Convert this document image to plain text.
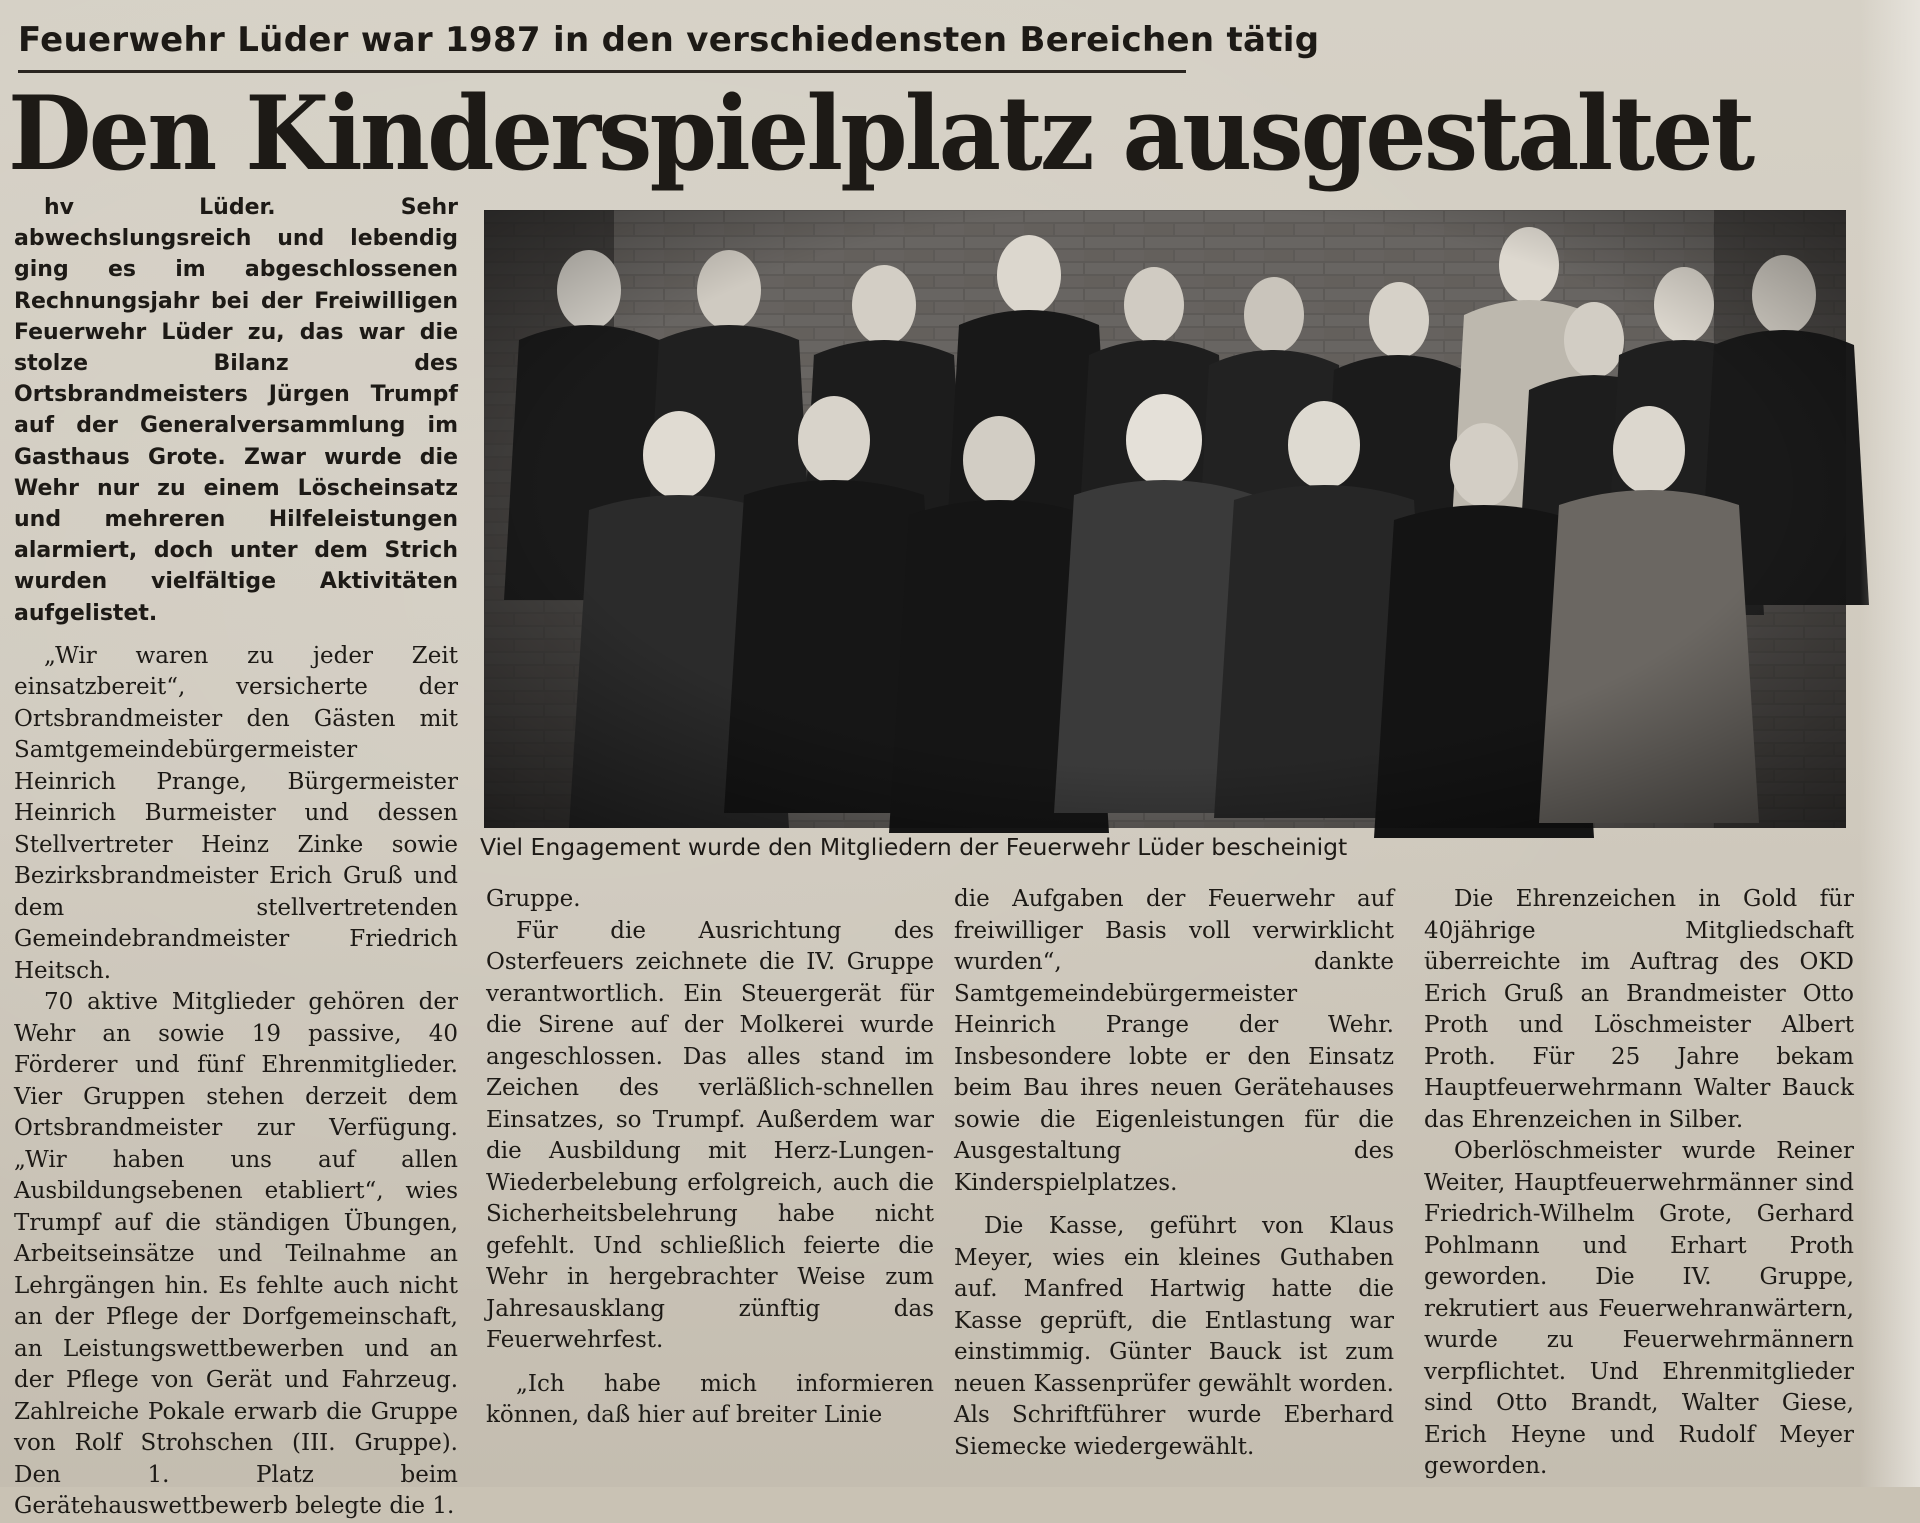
Feuerwehr Lüder war 1987 in den verschiedensten Bereichen tätig
Den Kinderspielplatz ausgestaltet

hv Lüder. Sehr abwechslungsreich und lebendig ging es im abgeschlossenen Rechnungsjahr bei der Freiwilligen Feuerwehr Lüder zu, das war die stolze Bilanz des Ortsbrandmeisters Jürgen Trumpf auf der Generalversammlung im Gasthaus Grote. Zwar wurde die Wehr nur zu einem Löscheinsatz und mehreren Hilfeleistungen alarmiert, doch unter dem Strich wurden vielfältige Aktivitäten aufgelistet.

„Wir waren zu jeder Zeit einsatzbereit“, versicherte der Ortsbrandmeister den Gästen mit Samtgemeindebürgermeister Heinrich Prange, Bürgermeister Heinrich Burmeister und dessen Stellvertreter Heinz Zinke sowie Bezirksbrandmeister Erich Gruß und dem stellvertretenden Gemeindebrandmeister Friedrich Heitsch.

70 aktive Mitglieder gehören der Wehr an sowie 19 passive, 40 Förderer und fünf Ehrenmitglieder. Vier Gruppen stehen derzeit dem Ortsbrandmeister zur Verfügung. „Wir haben uns auf allen Ausbildungsebenen etabliert“, wies Trumpf auf die ständigen Übungen, Arbeitseinsätze und Teilnahme an Lehrgängen hin. Es fehlte auch nicht an der Pflege der Dorfgemeinschaft, an Leistungswettbewerben und an der Pflege von Gerät und Fahrzeug. Zahlreiche Pokale erwarb die Gruppe von Rolf Strohschen (III. Gruppe). Den 1. Platz beim Gerätehauswettbewerb belegte die 1.

Viel Engagement wurde den Mitgliedern der Feuerwehr Lüder bescheinigt

Gruppe.

Für die Ausrichtung des Osterfeuers zeichnete die IV. Gruppe verantwortlich. Ein Steuergerät für die Sirene auf der Molkerei wurde angeschlossen. Das alles stand im Zeichen des verläßlich-schnellen Einsatzes, so Trumpf. Außerdem war die Ausbildung mit Herz-Lungen-Wiederbelebung erfolgreich, auch die Sicherheitsbelehrung habe nicht gefehlt. Und schließlich feierte die Wehr in hergebrachter Weise zum Jahresausklang zünftig das Feuerwehrfest.

„Ich habe mich informieren können, daß hier auf breiter Linie

die Aufgaben der Feuerwehr auf freiwilliger Basis voll verwirklicht wurden“, dankte Samtgemeindebürgermeister Heinrich Prange der Wehr. Insbesondere lobte er den Einsatz beim Bau ihres neuen Gerätehauses sowie die Eigenleistungen für die Ausgestaltung des Kinderspielplatzes.

Die Kasse, geführt von Klaus Meyer, wies ein kleines Guthaben auf. Manfred Hartwig hatte die Kasse geprüft, die Entlastung war einstimmig. Günter Bauck ist zum neuen Kassenprüfer gewählt worden. Als Schriftführer wurde Eberhard Siemecke wiedergewählt.

Die Ehrenzeichen in Gold für 40jährige Mitgliedschaft überreichte im Auftrag des OKD Erich Gruß an Brandmeister Otto Proth und Löschmeister Albert Proth. Für 25 Jahre bekam Hauptfeuerwehrmann Walter Bauck das Ehrenzeichen in Silber.

Oberlöschmeister wurde Reiner Weiter, Hauptfeuerwehrmänner sind Friedrich-Wilhelm Grote, Gerhard Pohlmann und Erhart Proth geworden. Die IV. Gruppe, rekrutiert aus Feuerwehranwärtern, wurde zu Feuerwehrmännern verpflichtet. Und Ehrenmitglieder sind Otto Brandt, Walter Giese, Erich Heyne und Rudolf Meyer geworden.
